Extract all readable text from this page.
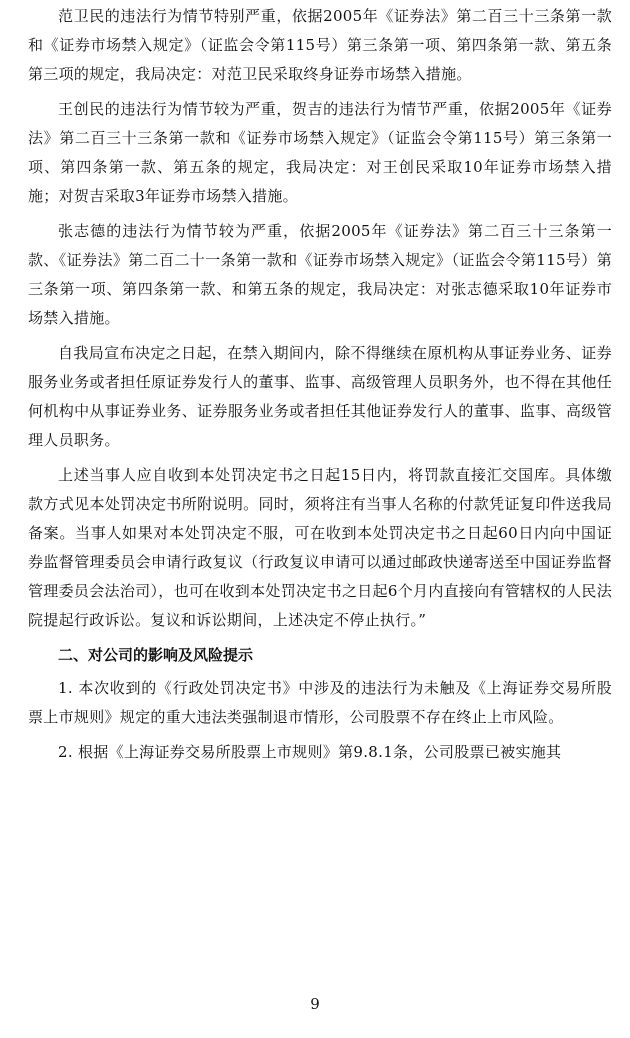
范卫民的违法行为情节特别严重，依据2005年《证券法》第二百三十三条第一款和《证券市场禁入规定》（证监会令第115号）第三条第一项、第四条第一款、第五条第三项的规定，我局决定：对范卫民采取终身证券市场禁入措施。

王创民的违法行为情节较为严重，贺吉的违法行为情节严重，依据2005年《证券法》第二百三十三条第一款和《证券市场禁入规定》（证监会令第115号）第三条第一项、第四条第一款、第五条的规定，我局决定：对王创民采取10年证券市场禁入措施；对贺吉采取3年证券市场禁入措施。

张志德的违法行为情节较为严重，依据2005年《证券法》第二百三十三条第一款、《证券法》第二百二十一条第一款和《证券市场禁入规定》（证监会令第115号）第三条第一项、第四条第一款、和第五条的规定，我局决定：对张志德采取10年证券市场禁入措施。

自我局宣布决定之日起，在禁入期间内，除不得继续在原机构从事证券业务、证券服务业务或者担任原证券发行人的董事、监事、高级管理人员职务外，也不得在其他任何机构中从事证券业务、证券服务业务或者担任其他证券发行人的董事、监事、高级管理人员职务。

上述当事人应自收到本处罚决定书之日起15日内，将罚款直接汇交国库。具体缴款方式见本处罚决定书所附说明。同时，须将注有当事人名称的付款凭证复印件送我局备案。当事人如果对本处罚决定不服，可在收到本处罚决定书之日起60日内向中国证券监督管理委员会申请行政复议（行政复议申请可以通过邮政快递寄送至中国证券监督管理委员会法治司），也可在收到本处罚决定书之日起6个月内直接向有管辖权的人民法院提起行政诉讼。复议和诉讼期间，上述决定不停止执行。”

二、对公司的影响及风险提示

1. 本次收到的《行政处罚决定书》中涉及的违法行为未触及《上海证券交易所股票上市规则》规定的重大违法类强制退市情形，公司股票不存在终止上市风险。

2. 根据《上海证券交易所股票上市规则》第9.8.1条，公司股票已被实施其

9
